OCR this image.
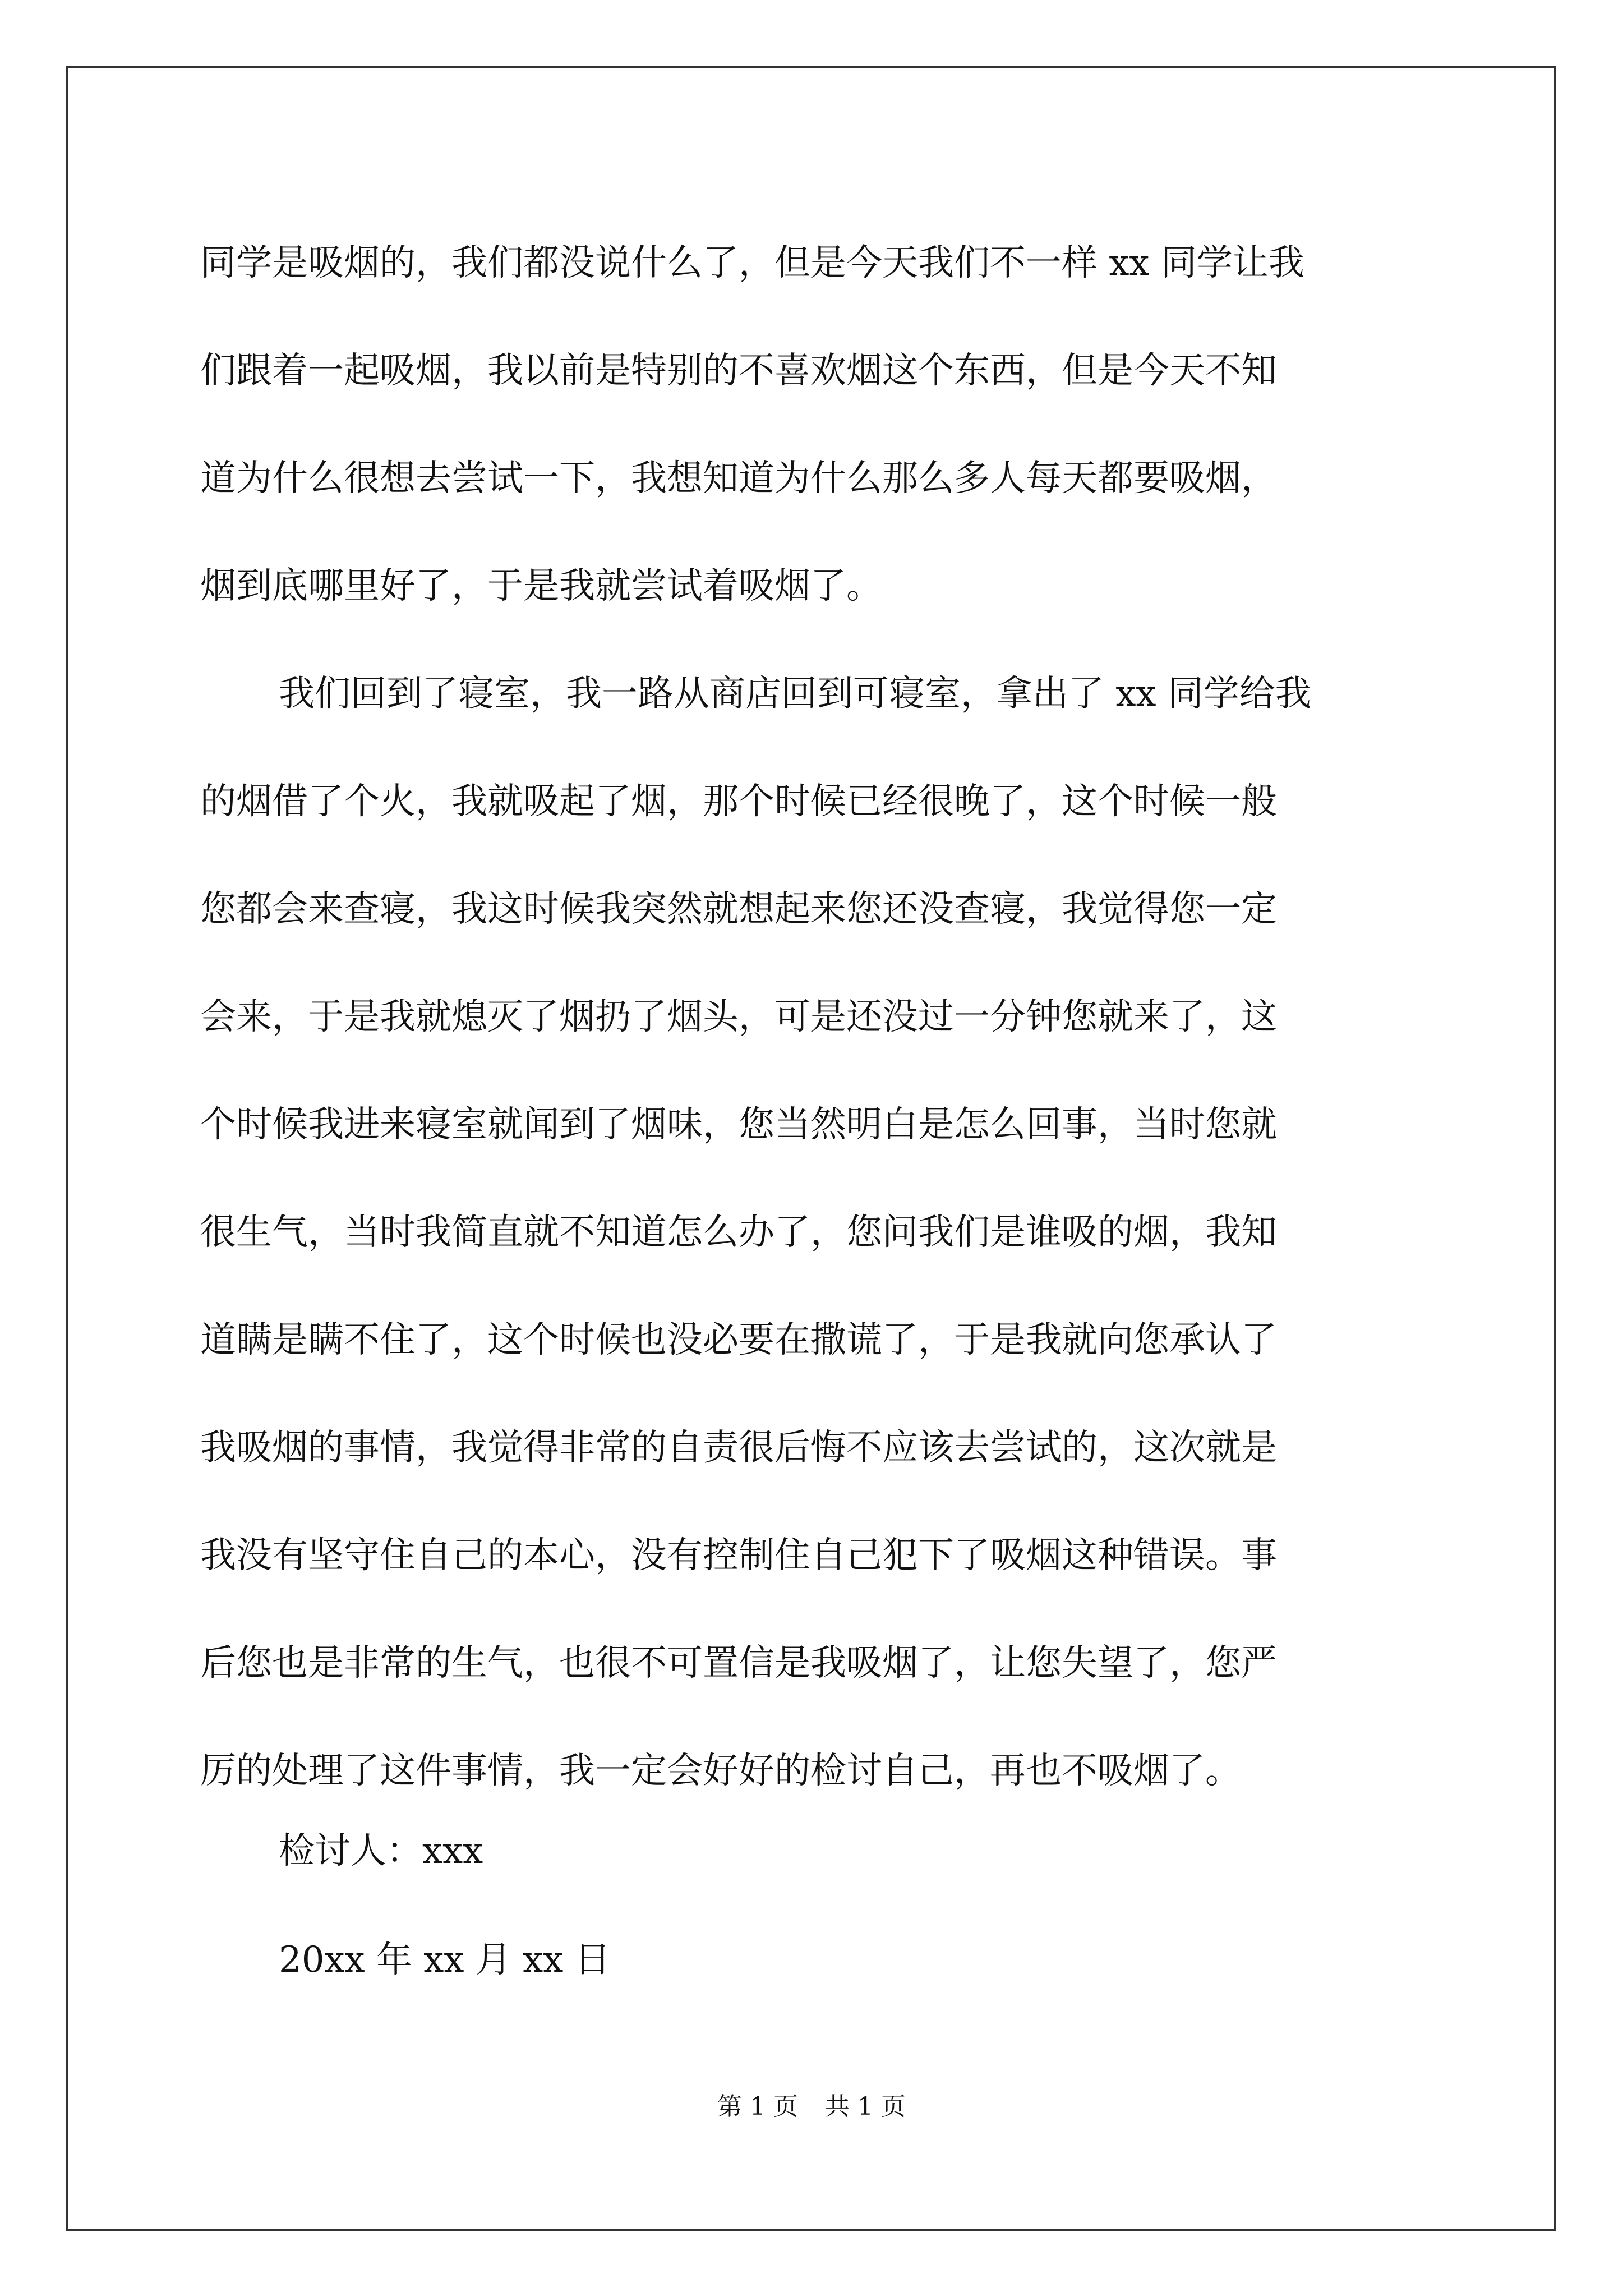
同学是吸烟的，我们都没说什么了，但是今天我们不一样 xx 同学让我
们跟着一起吸烟，我以前是特别的不喜欢烟这个东西，但是今天不知
道为什么很想去尝试一下，我想知道为什么那么多人每天都要吸烟，
烟到底哪里好了，于是我就尝试着吸烟了。
我们回到了寝室，我一路从商店回到可寝室，拿出了 xx 同学给我
的烟借了个火，我就吸起了烟，那个时候已经很晚了，这个时候一般
您都会来查寝，我这时候我突然就想起来您还没查寝，我觉得您一定
会来，于是我就熄灭了烟扔了烟头，可是还没过一分钟您就来了，这
个时候我进来寝室就闻到了烟味，您当然明白是怎么回事，当时您就
很生气，当时我简直就不知道怎么办了，您问我们是谁吸的烟，我知
道瞒是瞒不住了，这个时候也没必要在撒谎了，于是我就向您承认了
我吸烟的事情，我觉得非常的自责很后悔不应该去尝试的，这次就是
我没有坚守住自己的本心，没有控制住自己犯下了吸烟这种错误。事
后您也是非常的生气，也很不可置信是我吸烟了，让您失望了，您严
厉的处理了这件事情，我一定会好好的检讨自己，再也不吸烟了。
检讨人：xxx
20xx 年 xx 月 xx 日
第 1 页 共 1 页
